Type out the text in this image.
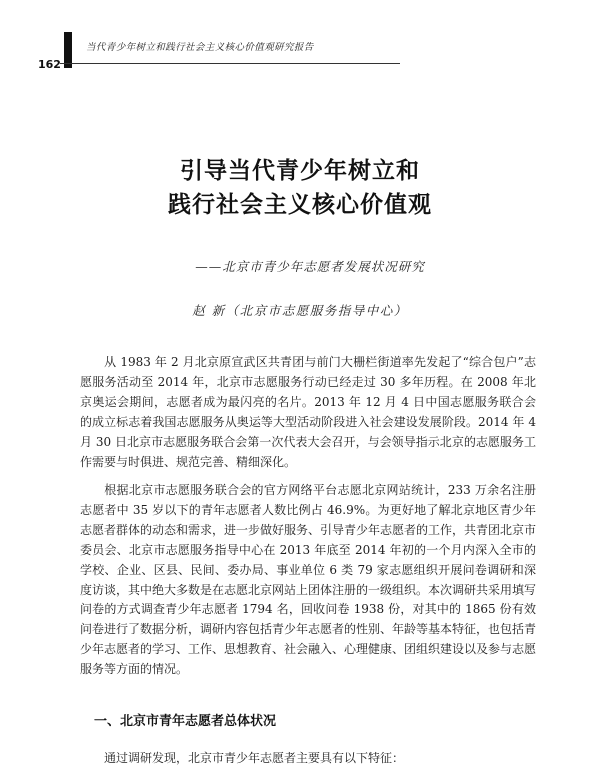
当代青少年树立和践行社会主义核心价值观研究报告
162
引导当代青少年树立和
践行社会主义核心价值观
——北京市青少年志愿者发展状况研究
赵 新（北京市志愿服务指导中心）

从 1983 年 2 月北京原宣武区共青团与前门大栅栏街道率先发起了“综合包户”志愿服务活动至 2014 年，北京市志愿服务行动已经走过 30 多年历程。在 2008 年北京奥运会期间，志愿者成为最闪亮的名片。2013 年 12 月 4 日中国志愿服务联合会的成立标志着我国志愿服务从奥运等大型活动阶段进入社会建设发展阶段。2014 年 4 月 30 日北京市志愿服务联合会第一次代表大会召开，与会领导指示北京的志愿服务工作需要与时俱进、规范完善、精细深化。

根据北京市志愿服务联合会的官方网络平台志愿北京网站统计，233 万余名注册志愿者中 35 岁以下的青年志愿者人数比例占 46.9%。为更好地了解北京地区青少年志愿者群体的动态和需求，进一步做好服务、引导青少年志愿者的工作，共青团北京市委员会、北京市志愿服务指导中心在 2013 年底至 2014 年初的一个月内深入全市的学校、企业、区县、民间、委办局、事业单位 6 类 79 家志愿组织开展问卷调研和深度访谈，其中绝大多数是在志愿北京网站上团体注册的一级组织。本次调研共采用填写问卷的方式调查青少年志愿者 1794 名，回收问卷 1938 份，对其中的 1865 份有效问卷进行了数据分析，调研内容包括青少年志愿者的性别、年龄等基本特征，也包括青少年志愿者的学习、工作、思想教育、社会融入、心理健康、团组织建设以及参与志愿服务等方面的情况。

一、北京市青年志愿者总体状况

通过调研发现，北京市青少年志愿者主要具有以下特征：
